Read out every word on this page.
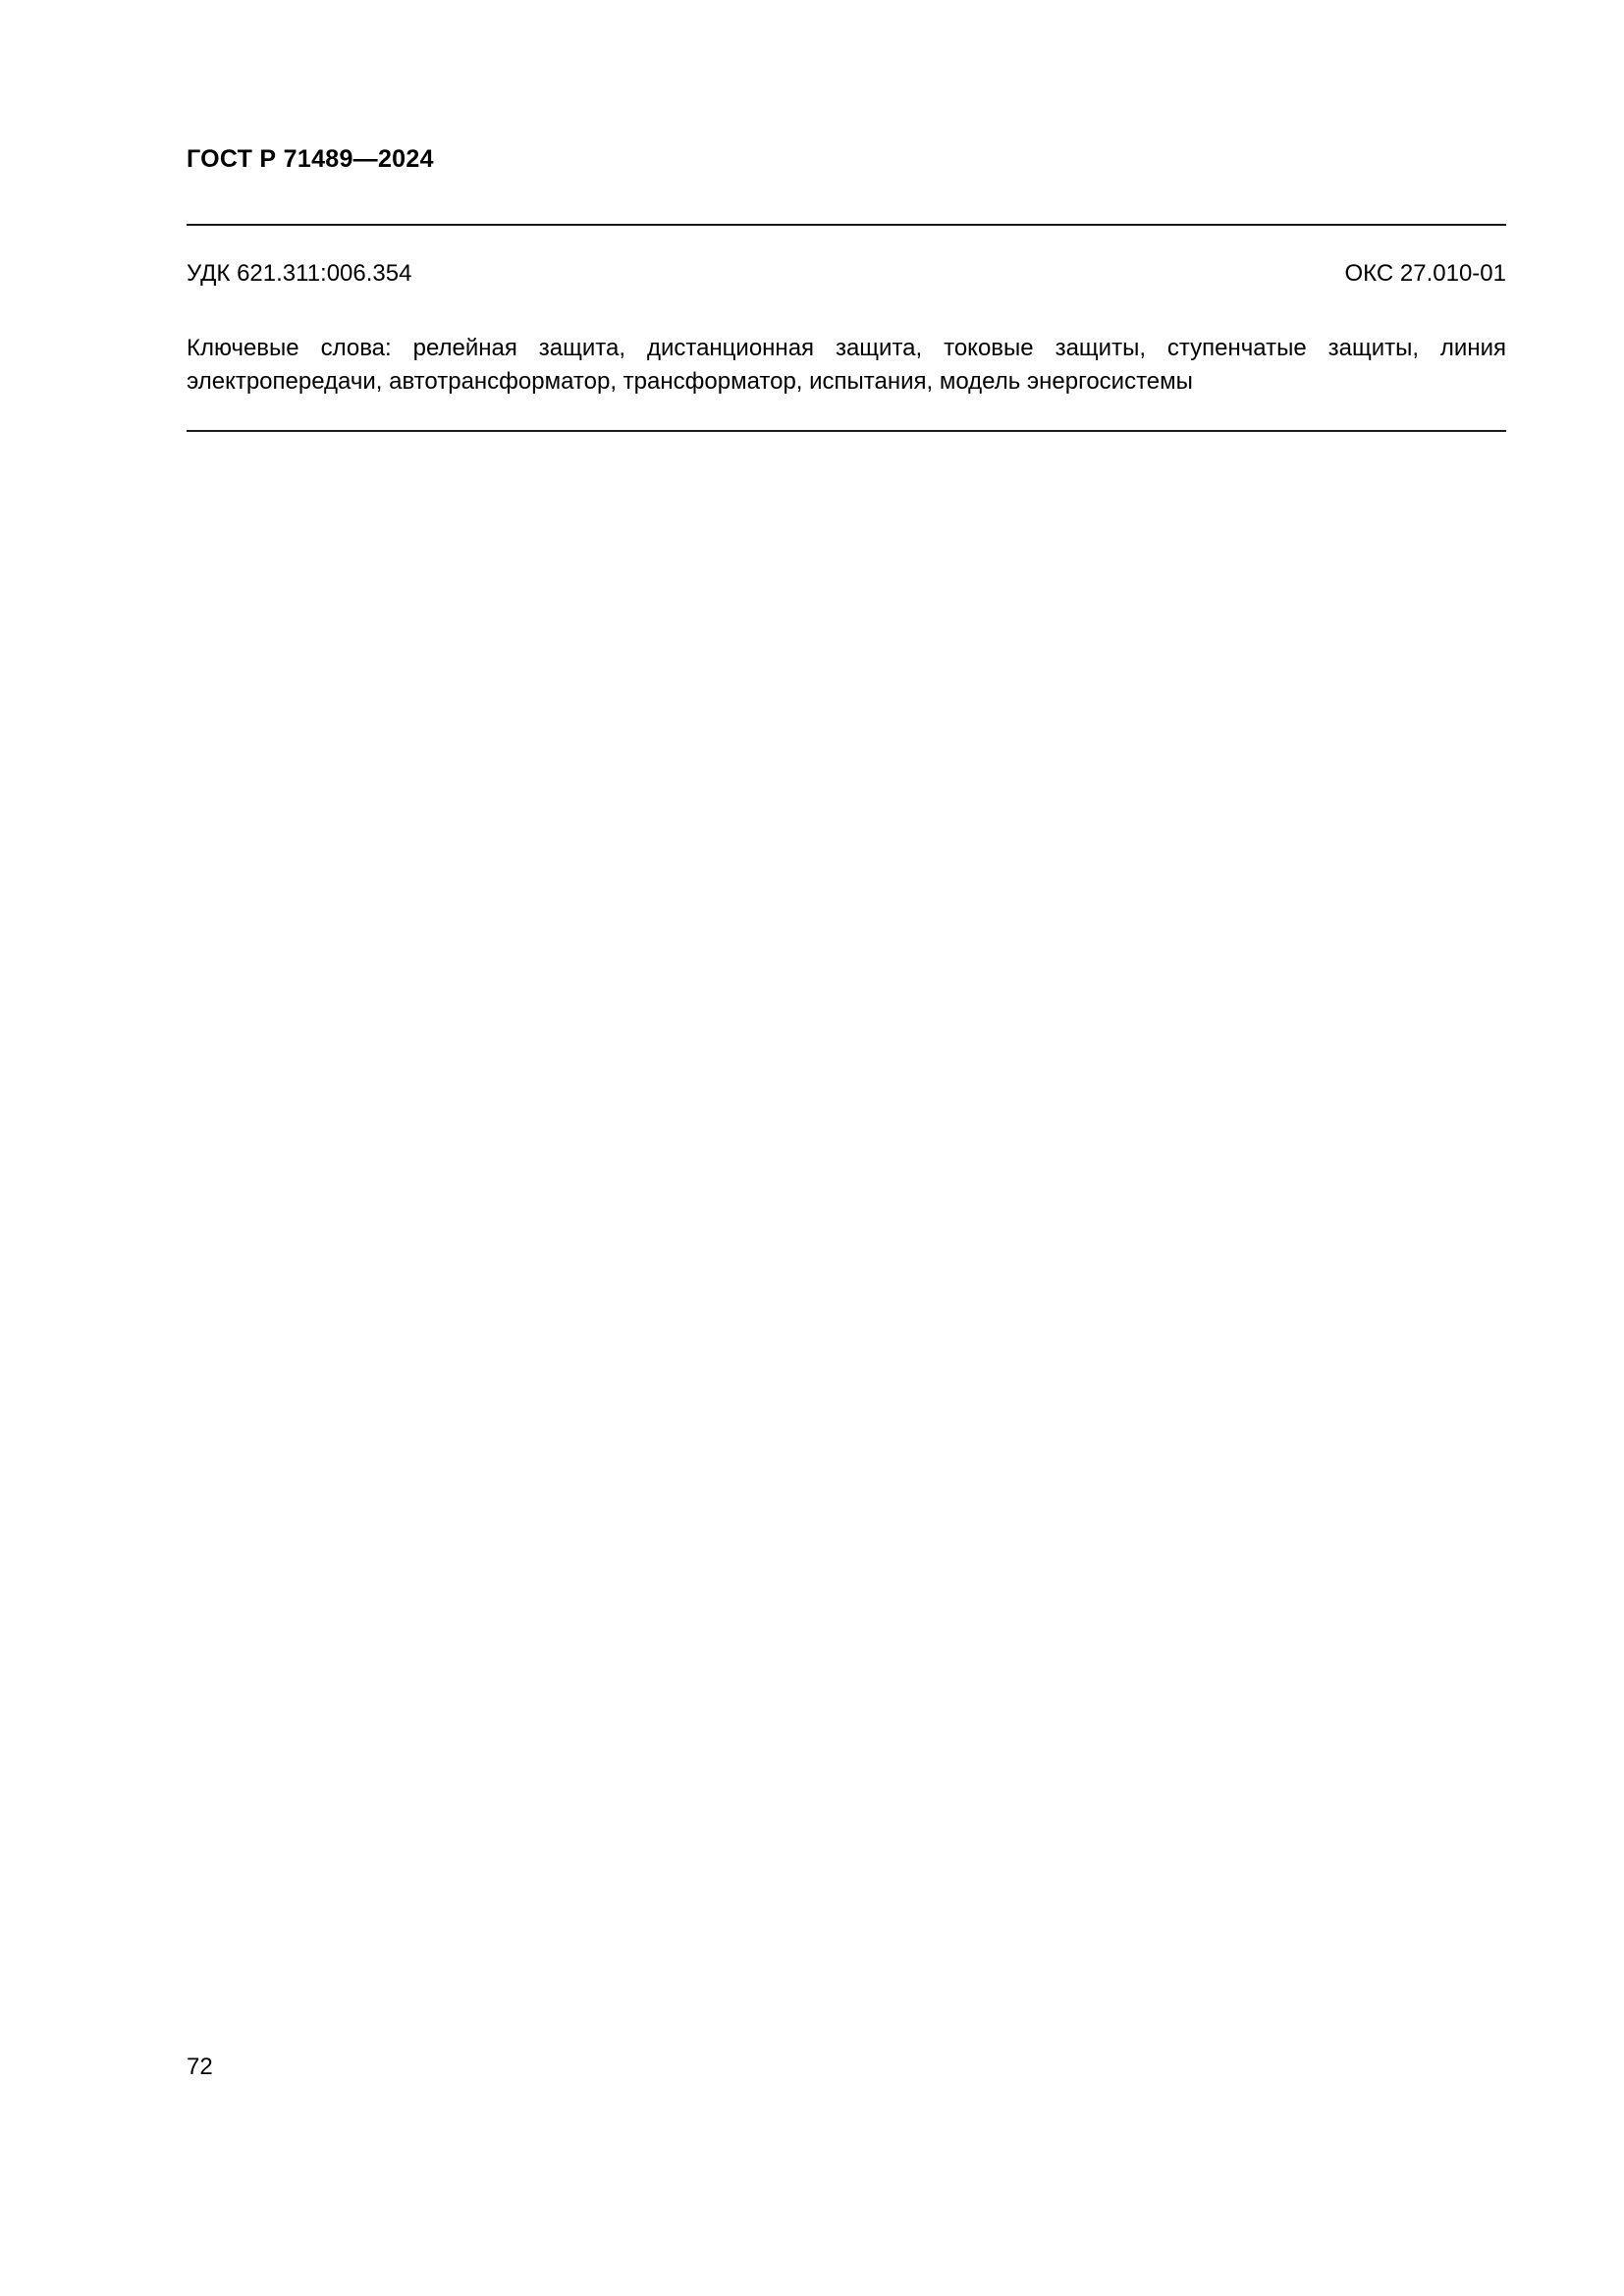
ГОСТ Р 71489—2024
УДК 621.311:006.354	ОКС 27.010-01
Ключевые слова: релейная защита, дистанционная защита, токовые защиты, ступенчатые защиты, линия электропередачи, автотрансформатор, трансформатор, испытания, модель энергосистемы
72
